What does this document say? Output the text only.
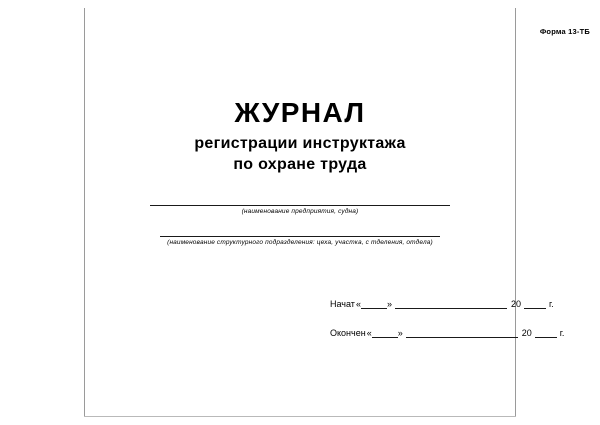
Форма 13-ТБ
ЖУРНАЛ
регистрации инструктажа
по охране труда
(наименование предприятия, судна)
(наименование структурного подразделения: цеха, участка, с тделения, отдела)
Начат «	»	20	г.
Окончен «	»	20	г.
